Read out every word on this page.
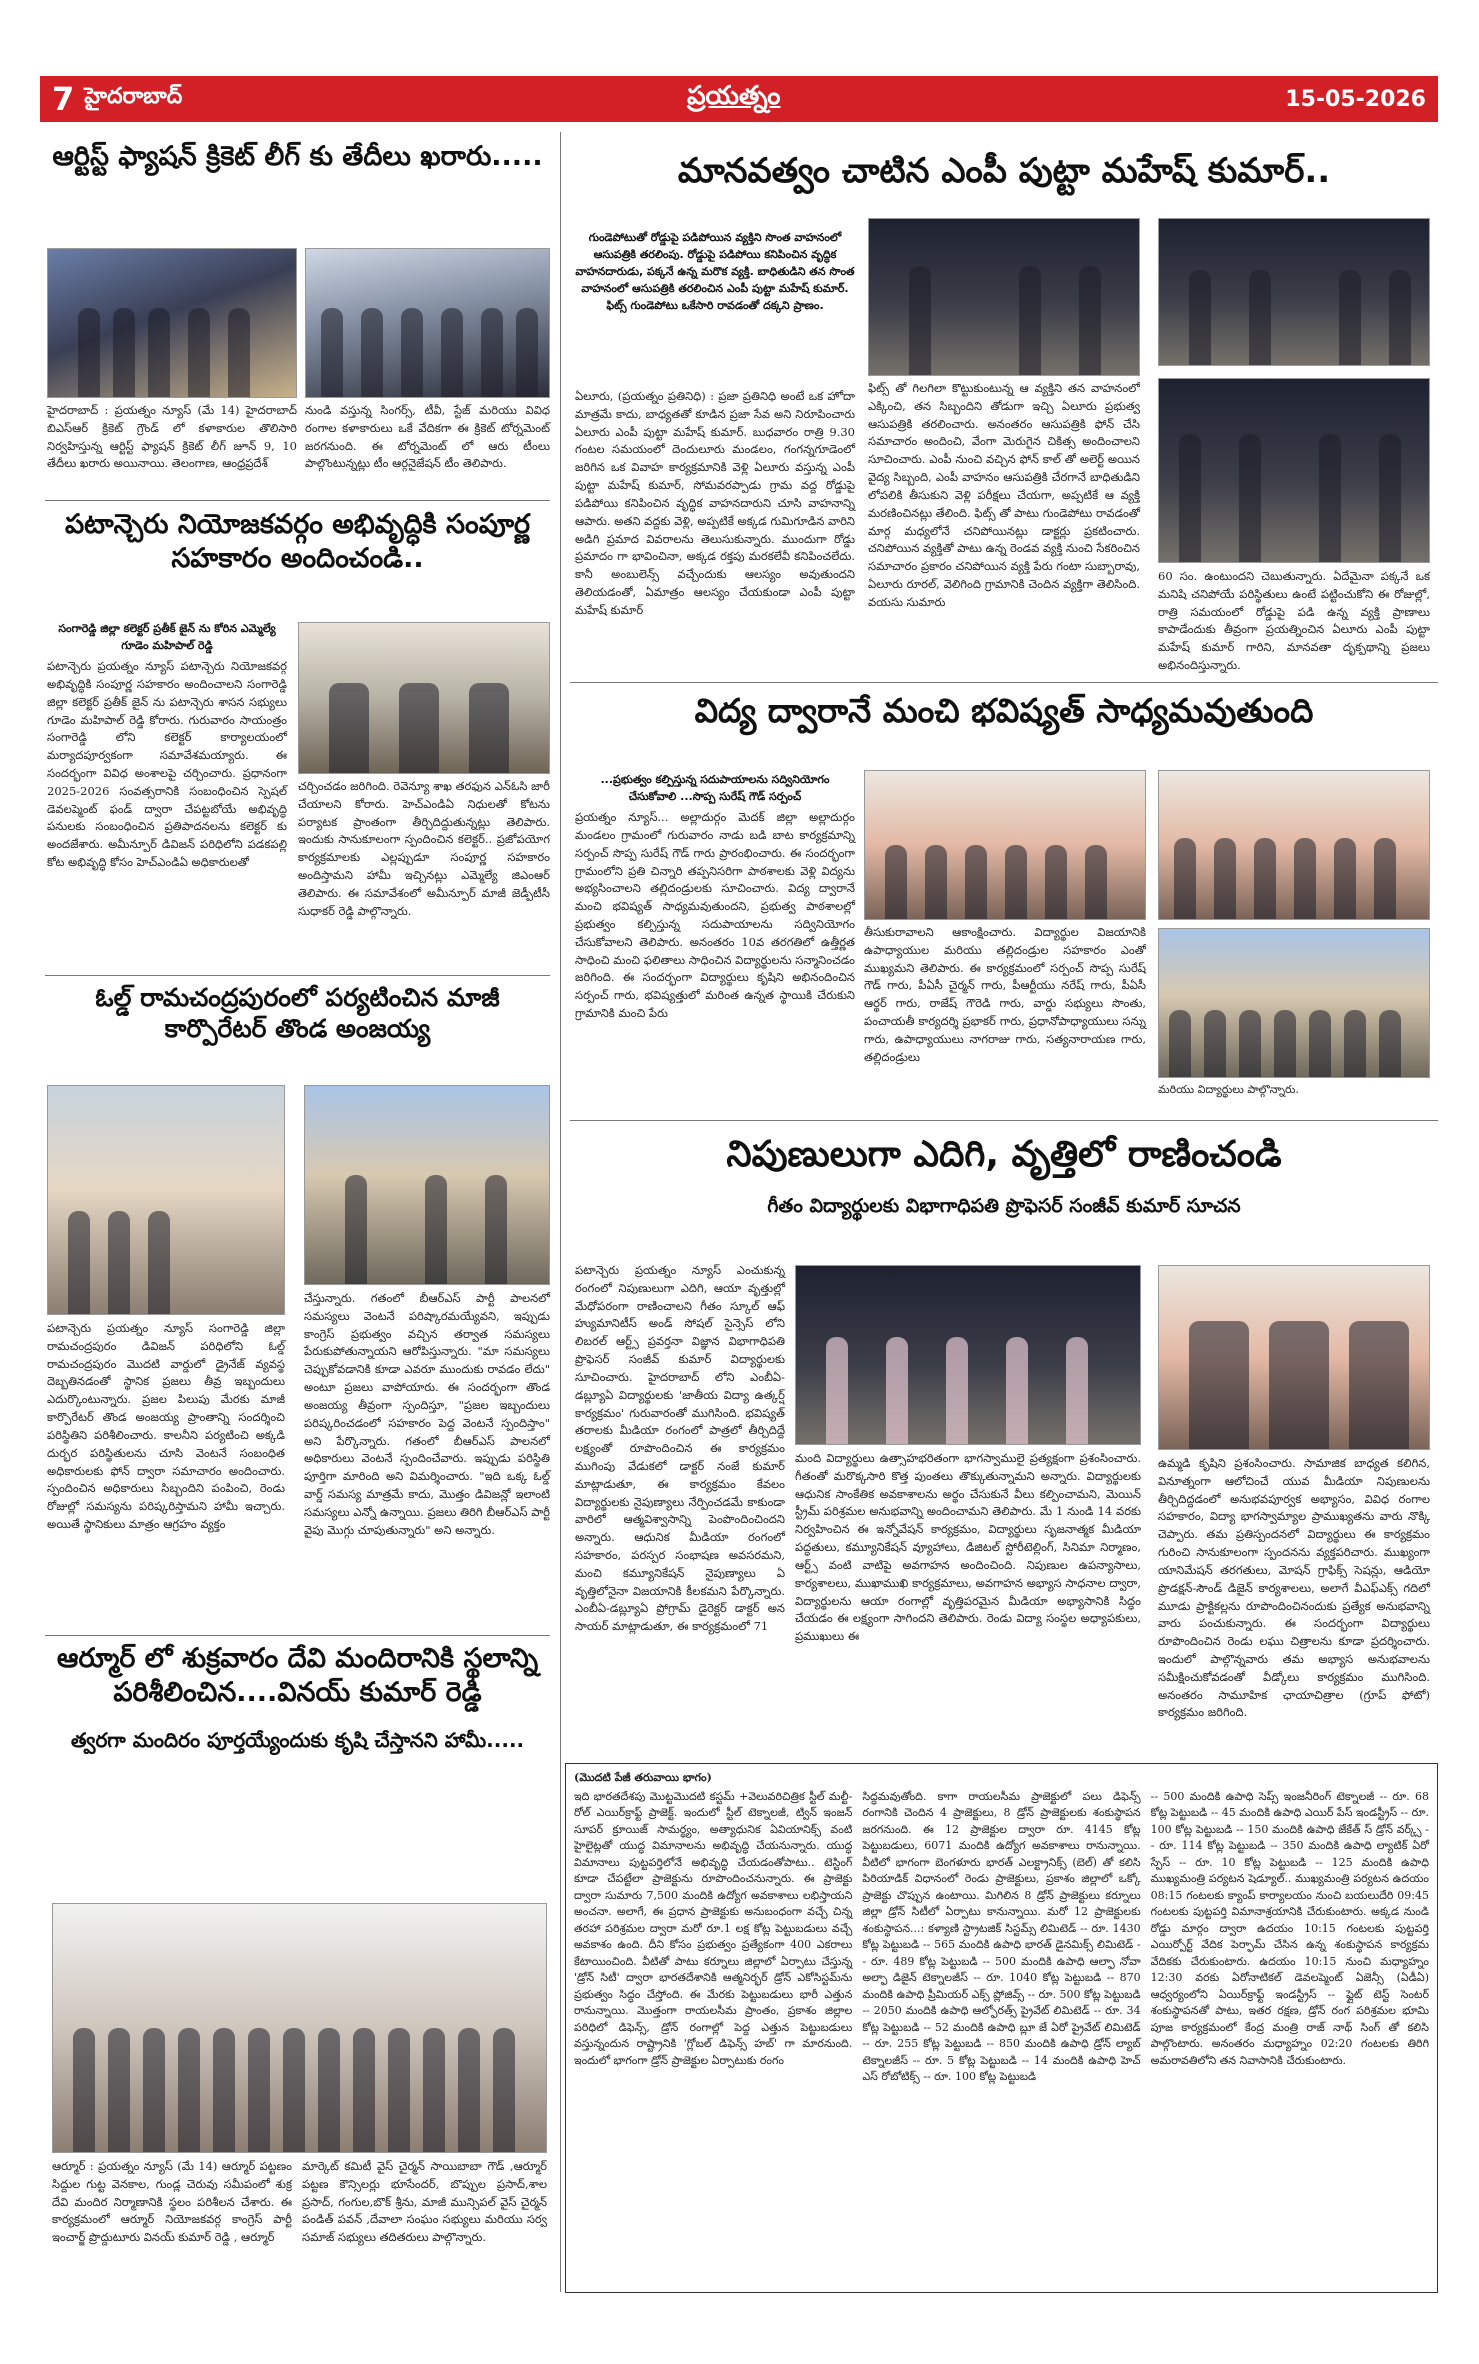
7 హైదరాబాద్	ప్రయత్నం	15-05-2026
ఆర్టిస్ట్ ఫ్యాషన్ క్రికెట్ లీగ్ కు తేదీలు ఖరారు.....

హైదరాబాద్ : ప్రయత్నం న్యూస్ (మే 14) హైదరాబాద్ బిఎస్ఆర్ క్రికెట్ గ్రౌండ్ లో కళాకారుల తొలిసారి నిర్వహిస్తున్న ఆర్టిస్ట్ ఫ్యాషన్ క్రికెట్ లీగ్ జూన్ 9, 10 తేదీలు ఖరారు అయినాయి. తెలంగాణ, ఆంధ్రప్రదేశ్

నుండి వస్తున్న సింగర్స్, టీవీ, స్టేజ్ మరియు వివిధ రంగాల కళాకారులు ఒకే వేదికగా ఈ క్రికెట్ టోర్నమెంట్ జరగనుంది. ఈ టోర్నమెంట్ లో ఆరు టీంలు పాల్గొంటున్నట్లు టీం ఆర్గనైజేషన్ టీం తెలిపారు.

పటాన్చెరు నియోజకవర్గం అభివృద్ధికి సంపూర్ణ సహకారం అందించండి..

సంగారెడ్డి జిల్లా కలెక్టర్ ప్రతీక్ జైన్ ను కోరిన ఎమ్మెల్యే గూడెం మహిపాల్ రెడ్డి

పటాన్చెరు ప్రయత్నం న్యూస్ పటాన్చెరు నియోజకవర్గ అభివృద్ధికి సంపూర్ణ సహకారం అందించాలని సంగారెడ్డి జిల్లా కలెక్టర్ ప్రతీక్ జైన్ ను పటాన్చెరు శాసన సభ్యులు గూడెం మహిపాల్ రెడ్డి కోరారు. గురువారం సాయంత్రం సంగారెడ్డి లోని కలెక్టర్ కార్యాలయంలో మర్యాదపూర్వకంగా సమావేశమయ్యారు. ఈ సందర్భంగా వివిధ అంశాలపై చర్చించారు. ప్రధానంగా 2025-2026 సంవత్సరానికి సంబంధించిన స్పెషల్ డెవలప్మెంట్ ఫండ్ ద్వారా చేపట్టబోయే అభివృద్ధి పనులకు సంబంధించిన ప్రతిపాదనలను కలెక్టర్ కు అందజేశారు. అమీన్పూర్ డివిజన్ పరిధిలోని పడకపల్లి కోట అభివృద్ధి కోసం హెచ్ఎండిఏ అధికారులతో

చర్చించడం జరిగింది. రెవెన్యూ శాఖ తరఫున ఎన్ఓసి జారీ చేయాలని కోరారు. హెచ్ఎండిఏ నిధులతో కోటను పర్యాటక ప్రాంతంగా తీర్చిదిద్దుతున్నట్లు తెలిపారు. ఇందుకు సానుకూలంగా స్పందించిన కలెక్టర్.. ప్రజోపయోగ కార్యక్రమాలకు ఎల్లప్పుడూ సంపూర్ణ సహకారం అందిస్తామని హామీ ఇచ్చినట్లు ఎమ్మెల్యే జిఎంఆర్ తెలిపారు. ఈ సమావేశంలో అమీన్పూర్ మాజీ జెడ్పీటీసీ సుధాకర్ రెడ్డి పాల్గొన్నారు.

ఓల్డ్ రామచంద్రపురంలో పర్యటించిన మాజీ కార్పొరేటర్ తొండ అంజయ్య

పటాన్చెరు ప్రయత్నం న్యూస్ సంగారెడ్డి జిల్లా రామచంద్రపురం డివిజన్ పరిధిలోని ఓల్డ్ రామచంద్రపురం మొదటి వార్డులో డ్రైనేజ్ వ్యవస్థ దెబ్బతినడంతో స్థానిక ప్రజలు తీవ్ర ఇబ్బందులు ఎదుర్కొంటున్నారు. ప్రజల పిలుపు మేరకు మాజీ కార్పొరేటర్ తొండ అంజయ్య ప్రాంతాన్ని సందర్శించి పరిస్థితిని పరిశీలించారు. కాలనీని పర్యటించి అక్కడి దుర్భర పరిస్థితులను చూసి వెంటనే సంబంధిత అధికారులకు ఫోన్ ద్వారా సమాచారం అందించారు. స్పందించిన అధికారులు సిబ్బందిని పంపించి, రెండు రోజుల్లో సమస్యను పరిష్కరిస్తామని హామీ ఇచ్చారు. అయితే స్థానికులు మాత్రం ఆగ్రహం వ్యక్తం

చేస్తున్నారు. గతంలో బీఆర్ఎస్ పార్టీ పాలనలో సమస్యలు వెంటనే పరిష్కారమయ్యేవని, ఇప్పుడు కాంగ్రెస్ ప్రభుత్వం వచ్చిన తర్వాత సమస్యలు పేరుకుపోతున్నాయని ఆరోపిస్తున్నారు. "మా సమస్యలు చెప్పుకోవడానికి కూడా ఎవరూ ముందుకు రావడం లేదు" అంటూ ప్రజలు వాపోయారు. ఈ సందర్భంగా తొండ అంజయ్య తీవ్రంగా స్పందిస్తూ, "ప్రజల ఇబ్బందులు పరిష్కరించడంలో సహకారం పెద్ద వెంటనే స్పందిస్తాం" అని పేర్కొన్నారు. గతంలో బీఆర్ఎస్ పాలనలో అధికారులు వెంటనే స్పందించేవారు. ఇప్పుడు పరిస్థితి పూర్తిగా మారింది అని విమర్శించారు. "ఇది ఒక్క ఓల్డ్ వార్డ్ సమస్య మాత్రమే కాదు, మొత్తం డివిజన్లో ఇలాంటి సమస్యలు ఎన్నో ఉన్నాయి. ప్రజలు తిరిగి బీఆర్ఎస్ పార్టీ వైపు మొగ్గు చూపుతున్నారు" అని అన్నారు.

ఆర్మూర్ లో శుక్రవారం దేవి మందిరానికి స్థలాన్ని పరిశీలించిన....వినయ్ కుమార్ రెడ్డి
త్వరగా మందిరం పూర్తయ్యేందుకు కృషి చేస్తానని హామీ.....

ఆర్మూర్ : ప్రయత్నం న్యూస్ (మే 14) ఆర్మూర్ పట్టణం సిద్దుల గుట్ట వెనకాల, గుండ్ల చెరువు సమీపంలో శుక్ర దేవి మందిర నిర్మాణానికి స్థలం పరిశీలన చేశారు. ఈ కార్యక్రమంలో ఆర్మూర్ నియోజకవర్గ కాంగ్రెస్ పార్టీ ఇంచార్జ్ ప్రొద్దుటూరు వినయ్ కుమార్ రెడ్డి , ఆర్మూర్

మార్కెట్ కమిటీ వైస్ చైర్మన్ సాయిబాబా గౌడ్ ,ఆర్మూర్ పట్టణ కౌన్సిలర్లు భూసేందర్, బొప్పుల ప్రసాద్,శాల ప్రసాద్, గంగుల,బొక్ శ్రీను, మాజీ మున్సిపల్ వైస్ చైర్మన్ పండిత్ పవన్ ,దేవాలా సంఘం సభ్యులు మరియు సర్వ సమాజ్ సభ్యులు తదితరులు పాల్గొన్నారు.

మానవత్వం చాటిన ఎంపీ పుట్టా మహేష్ కుమార్..

గుండెపోటుతో రోడ్డుపై పడిపోయిన వ్యక్తిని సొంత వాహనంలో ఆసుపత్రికి తరలింపు. రోడ్డుపై పడిపోయి కనిపించిన వృద్ధిక వాహనదారుడు, పక్కనే ఉన్న మరొక వ్యక్తి. బాధితుడిని తన సొంత వాహనంలో ఆసుపత్రికి తరలించిన ఎంపీ పుట్టా మహేష్ కుమార్. ఫిట్స్ గుండెపోటు ఒకేసారి రావడంతో దక్కని ప్రాణం.

ఏలూరు, (ప్రయత్నం ప్రతినిధి) : ప్రజా ప్రతినిధి అంటే ఒక హోదా మాత్రమే కాదు, బాధ్యతతో కూడిన ప్రజా సేవ అని నిరూపించారు ఏలూరు ఎంపీ పుట్టా మహేష్ కుమార్. బుధవారం రాత్రి 9.30 గంటల సమయంలో దెందులూరు మండలం, గంగన్నగూడెంలో జరిగిన ఒక వివాహ కార్యక్రమానికి వెళ్లి ఏలూరు వస్తున్న ఎంపీ పుట్టా మహేష్ కుమార్, సోమవరప్పాడు గ్రామ వద్ద రోడ్డుపై పడిపోయి కనిపించిన వృద్ధిక వాహనదారుని చూసి వాహనాన్ని ఆపారు. అతని వద్దకు వెళ్లి, అప్పటికే అక్కడ గుమిగూడిన వారిని అడిగి ప్రమాద వివరాలను తెలుసుకున్నారు. ముందుగా రోడ్డు ప్రమాదం గా భావించినా, అక్కడ రక్తపు మరకలేవీ కనిపించలేదు. కానీ అంబులెన్స్ వచ్చేందుకు ఆలస్యం అవుతుందని తెలియడంతో, ఏమాత్రం ఆలస్యం చేయకుండా ఎంపీ పుట్టా మహేష్ కుమార్

ఫిట్స్ తో గిలగిలా కొట్టుకుంటున్న ఆ వ్యక్తిని తన వాహనంలో ఎక్కించి, తన సిబ్బందిని తోడుగా ఇచ్చి ఏలూరు ప్రభుత్వ ఆసుపత్రికి తరలించారు. అనంతరం ఆసుపత్రికి ఫోన్ చేసి సమాచారం అందించి, వేంగా మెరుగైన చికిత్స అందించాలని సూచించారు. ఎంపీ నుంచి వచ్చిన ఫోన్ కాల్ తో అలెర్ట్ అయిన వైద్య సిబ్బంది, ఎంపీ వాహనం ఆసుపత్రికి చేరగానే బాధితుడిని లోపలికి తీసుకుని వెళ్లి పరీక్షలు చేయగా, అప్పటికే ఆ వ్యక్తి మరణించినట్లు తేలింది. ఫిట్స్ తో పాటు గుండెపోటు రావడంతో మార్గ మధ్యలోనే చనిపోయినట్లు డాక్టర్లు ప్రకటించారు. చనిపోయిన వ్యక్తితో పాటు ఉన్న రెండవ వ్యక్తి నుంచి సేకరించిన సమాచారం ప్రకారం చనిపోయిన వ్యక్తి పేరు గంటా సుబ్బారావు, ఏలూరు రూరల్, వెలిగింది గ్రామానికి చెందిన వ్యక్తిగా తెలిసింది. వయసు సుమారు

60 సం. ఉంటుందని చెబుతున్నారు. ఏదేమైనా పక్కనే ఒక మనిషి చనిపోయే పరిస్థితులు ఉంటే పట్టించుకోని ఈ రోజుల్లో, రాత్రి సమయంలో రోడ్డుపై పడి ఉన్న వ్యక్తి ప్రాణాలు కాపాడేందుకు తీవ్రంగా ప్రయత్నించిన ఏలూరు ఎంపీ పుట్టా మహేష్ కుమార్ గారిని, మానవతా దృక్పథాన్ని ప్రజలు అభినందిస్తున్నారు.

విద్య ద్వారానే మంచి భవిష్యత్ సాధ్యమవుతుంది

...ప్రభుత్వం కల్పిస్తున్న సదుపాయాలను సద్వినియోగం చేసుకోవాలి ...సొప్ప సురేష్ గౌడ్ సర్పంచ్

ప్రయత్నం న్యూస్... అల్లాదుర్గం మెదక్ జిల్లా అల్లాదుర్గం మండలం గ్రామంలో గురువారం నాడు బడి బాట కార్యక్రమాన్ని సర్పంచ్ సొప్ప సురేష్ గౌడ్ గారు ప్రారంభించారు. ఈ సందర్భంగా గ్రామంలోని ప్రతి చిన్నారి తప్పనిసరిగా పాఠశాలకు వెళ్లి విద్యను అభ్యసించాలని తల్లిదండ్రులకు సూచించారు. విద్య ద్వారానే మంచి భవిష్యత్ సాధ్యమవుతుందని, ప్రభుత్వ పాఠశాలల్లో ప్రభుత్వం కల్పిస్తున్న సదుపాయాలను సద్వినియోగం చేసుకోవాలని తెలిపారు. అనంతరం 10వ తరగతిలో ఉత్తీర్ణత సాధించి మంచి ఫలితాలు సాధించిన విద్యార్థులను సన్మానించడం జరిగింది. ఈ సందర్భంగా విద్యార్థులు కృషిని అభినందించిన సర్పంచ్ గారు, భవిష్యత్తులో మరింత ఉన్నత స్థాయికి చేరుకుని గ్రామానికి మంచి పేరు

తీసుకురావాలని ఆకాంక్షించారు. విద్యార్థుల విజయానికి ఉపాధ్యాయుల మరియు తల్లిదండ్రుల సహకారం ఎంతో ముఖ్యమని తెలిపారు. ఈ కార్యక్రమంలో సర్పంచ్ సొప్ప సురేష్ గౌడ్ గారు, పీఏసీ చైర్మన్ గారు, పీఆర్టీయు నరేష్ గారు, పీఏసీ ఆర్థర్ గారు, రాజేష్ గౌరెడి గారు, వార్డు సభ్యులు సొంతు, పంచాయతీ కార్యదర్శి ప్రభాకర్ గారు, ప్రధానోపాధ్యాయులు సన్ను గారు, ఉపాధ్యాయులు నాగరాజు గారు, సత్యనారాయణ గారు, తల్లిదండ్రులు

మరియు విద్యార్థులు పాల్గొన్నారు.

నిపుణులుగా ఎదిగి, వృత్తిలో రాణించండి
గీతం విద్యార్థులకు విభాగాధిపతి ప్రొఫెసర్ సంజీవ్ కుమార్ సూచన

పటాన్చెరు ప్రయత్నం న్యూస్ ఎంచుకున్న రంగంలో నిపుణులుగా ఎదిగి, ఆయా వృత్తుల్లో మేధోపరంగా రాణించాలని గీతం స్కూల్ ఆఫ్ హ్యుమానిటీస్ అండ్ సోషల్ సైన్సెస్ లోని లిబరల్ ఆర్ట్స్ ప్రవర్తనా విజ్ఞాన విభాగాధిపతి ప్రొఫెసర్ సంజీవ్ కుమార్ విద్యార్థులకు సూచించారు. హైదరాబాద్ లోని ఎంబీఏ-డబ్ల్యూఏ విద్యార్థులకు 'జాతీయ విద్యా ఉత్కర్ష్ కార్యక్రమం' గురువారంతో ముగిసింది. భవిష్యత్ తరాలకు మీడియా రంగంలో పాత్రలో తీర్చిదిద్దే లక్ష్యంతో రూపొందించిన ఈ కార్యక్రమం ముగింపు వేడుకలో డాక్టర్ నంజే కుమార్ మాట్లాడుతూ, ఈ కార్యక్రమం కేవలం విద్యార్థులకు నైపుణ్యాలు నేర్పించడమే కాకుండా వారిలో ఆత్మవిశ్వాసాన్ని పెంపొందించిందని అన్నారు. ఆధునిక మీడియా రంగంలో సహకారం, పరస్పర సంభాషణ అవసరమని, మంచి కమ్యూనికేషన్ నైపుణ్యాలు ఏ వృత్తిలోనైనా విజయానికి కీలకమని పేర్కొన్నారు. ఎంబీఏ-డబ్ల్యూఏ ప్రోగ్రామ్ డైరెక్టర్ డాక్టర్ అన సాయర్ మాట్లాడుతూ, ఈ కార్యక్రమంలో 71

మంది విద్యార్థులు ఉత్సాహభరితంగా భాగస్వాములై ప్రత్యక్షంగా ప్రశంసించారు. గీతంతో మరొక్కసారి కొత్త పుంతలు తొక్కుతున్నామని అన్నారు. విద్యార్థులకు ఆధునిక సాంకేతిక అవకాశాలను అర్థం చేసుకునే వీలు కల్పించామని, మెయిన్ స్ట్రీమ్ పరిశ్రమల అనుభవాన్ని అందించామని తెలిపారు. మే 1 నుండి 14 వరకు నిర్వహించిన ఈ ఇన్నోవేషన్ కార్యక్రమం, విద్యార్థులు సృజనాత్మక మీడియా పద్ధతులు, కమ్యూనికేషన్ వ్యూహాలు, డిజిటల్ స్టోరీటెల్లింగ్, సినిమా నిర్మాణం, ఆర్ట్స్ వంటి వాటిపై అవగాహన అందించింది. నిపుణుల ఉపన్యాసాలు, కార్యశాలలు, ముఖాముఖి కార్యక్రమాలు, అవగాహన అభ్యాస సాధనాల ద్వారా, విద్యార్థులను ఆయా రంగాల్లో వృత్తిపరమైన మీడియా అభ్యాసానికి సిద్ధం చేయడం ఈ లక్ష్యంగా సాగిందని తెలిపారు. రెండు విద్యా సంస్థల అధ్యాపకులు, ప్రముఖులు ఈ

ఉమ్మడి కృషిని ప్రశంసించారు. సామాజిక బాధ్యత కలిగిన, వినూత్నంగా ఆలోచించే యువ మీడియా నిపుణులను తీర్చిదిద్దడంలో అనుభవపూర్వక అభ్యాసం, వివిధ రంగాల సహకారం, విద్యా భాగస్వామ్యాల ప్రాముఖ్యతను వారు నొక్కి చెప్పారు. తమ ప్రతిస్పందనలో విద్యార్థులు ఈ కార్యక్రమం గురించి సానుకూలంగా స్పందనను వ్యక్తపరిచారు. ముఖ్యంగా యానిమేషన్ తరగతులు, మోషన్ గ్రాఫిక్స్ సెషన్లు, ఆడియో ప్రొడక్షన్-సౌండ్ డిజైన్ కార్యశాలలు, అలాగే వీఎఫ్ఎక్స్ గదిలో మూడు ప్రాక్టికల్లను రూపొందించినందుకు ప్రత్యేక అనుభవాన్ని వారు పంచుకున్నారు. ఈ సందర్భంగా విద్యార్థులు రూపొందించిన రెండు లఘు చిత్రాలను కూడా ప్రదర్శించారు. ఇందులో పాల్గొన్నవారు తమ అభ్యాస అనుభవాలను సమీక్షించుకోవడంతో వీడ్కోలు కార్యక్రమం ముగిసింది. అనంతరం సామూహిక ఛాయాచిత్రాల (గ్రూప్ ఫోటో) కార్యక్రమం జరిగింది.

(మొదటి పేజీ తరువాయి భాగం)

ఇది భారతదేశపు మొట్టమొదటి కస్టమ్ +వెలువరిచిత్రిక స్టీల్ మల్టీ-రోల్ ఎయిర్‌క్రాఫ్ట్ ప్రాజెక్ట్. ఇందులో స్టీల్ టెక్నాలజీ, ట్విన్ ఇంజన్ సూపర్ క్రూయిజ్ సామర్థ్యం, అత్యాధునిక ఏవియానిక్స్ వంటి హైలైట్లతో యుద్ధ విమానాలను అభివృద్ధి చేయనున్నారు. యుద్ధ విమానాలు పుట్టపర్తిలోనే అభివృద్ధి చేయడంతోపాటు.. టెస్టింగ్ కూడా చేపట్టేలా ప్రాజెక్టును రూపొందించనున్నారు. ఈ ప్రాజెక్టు ద్వారా సుమారు 7,500 మందికి ఉద్యోగ అవకాశాలు లభిస్తాయని అంచనా. అలాగే, ఈ ప్రధాన ప్రాజెక్టుకు అనుబంధంగా వచ్చే చిన్న తరహా పరిశ్రమల ద్వారా మరో రూ.1 లక్ష కోట్ల పెట్టుబడులు వచ్చే అవకాశం ఉంది. దీని కోసం ప్రభుత్వం ప్రత్యేకంగా 400 ఎకరాలు కేటాయించింది. వీటితో పాటు కర్నూలు జిల్లాలో ఏర్పాటు చేస్తున్న 'డ్రోన్ సిటీ' ద్వారా భారతదేశానికి ఆత్మనిర్భర్ డ్రోన్ ఎకోసిస్టమ్‌ను ప్రభుత్వం సిద్ధం చేస్తోంది. ఈ మేరకు పెట్టుబడులు భారీ ఎత్తున రానున్నాయి. మొత్తంగా రాయలసీమ ప్రాంతం, ప్రకాశం జిల్లాల పరిధిలో డిఫెన్స్, డ్రోన్ రంగాల్లో పెద్ద ఎత్తున పెట్టుబడులు వస్తున్నందున రాష్ట్రానికి 'గ్లోబల్ డిఫెన్స్ హబ్' గా మారనుంది. ఇందులో భాగంగా డ్రోన్ ప్రాజెక్టుల ఏర్పాటుకు రంగం

సిద్ధమవుతోంది. కాగా రాయలసీమ ప్రాజెక్టులో పలు డిఫెన్స్ రంగానికి చెందిన 4 ప్రాజెక్టులు, 8 డ్రోన్ ప్రాజెక్టులకు శంకుస్థాపన జరగనుంది. ఈ 12 ప్రాజెక్టుల ద్వారా రూ. 4145 కోట్ల పెట్టుబడులు, 6071 మందికి ఉద్యోగ అవకాశాలు రానున్నాయి. వీటిలో భాగంగా బెంగళూరు భారత్ ఎలక్ట్రానిక్స్ (బెల్) తో కలిసి పిరియాడిక్ విధానంలో రెండు ప్రాజెక్టులు, ప్రకాశం జిల్లాలో ఒక్కో ప్రాజెక్టు చొప్పున ఉంటాయి. మిగిలిన 8 డ్రోన్ ప్రాజెక్టులు కర్నూలు జిల్లా డ్రోన్ సిటీలో ఏర్పాటు కానున్నాయి. మరో 12 ప్రాజెక్టులకు శంకుస్థాపన...: కళ్యాణి స్ట్రాటజిక్ సిస్టమ్స్ లిమిటెడ్ -- రూ. 1430 కోట్ల పెట్టుబడి -- 565 మందికి ఉపాధి భారత్ డైనమిక్స్ లిమిటెడ్ -- రూ. 489 కోట్ల పెట్టుబడి -- 500 మందికి ఉపాధి ఆల్ఫా నోవా అల్ఫా డిజైన్ టెక్నాలజీస్ -- రూ. 1040 కోట్ల పెట్టుబడి -- 870 మందికి ఉపాధి ప్రీమియర్ ఎక్స్ ప్లోజివ్స్ -- రూ. 500 కోట్ల పెట్టుబడి -- 2050 మందికి ఉపాధి ఆల్ఫోరత్స్ ప్రైవేట్ లిమిటెడ్ -- రూ. 34 కోట్ల పెట్టుబడి -- 52 మందికి ఉపాధి బ్లూ జే ఏరో ప్రైవేట్ లిమిటెడ్ -- రూ. 255 కోట్ల పెట్టుబడి -- 850 మందికి ఉపాధి డ్రోన్ ల్యాబ్ టెక్నాలజీస్ -- రూ. 5 కోట్ల పెట్టుబడి -- 14 మందికి ఉపాధి హెచ్ ఎస్ రోబోటిక్స్ -- రూ. 100 కోట్ల పెట్టుబడి

-- 500 మందికి ఉపాధి సెప్స్ ఇంజనీరింగ్ టెక్నాలజీ -- రూ. 68 కోట్ల పెట్టుబడి -- 45 మందికి ఉపాధి ఎయిర్ పేస్ ఇండస్ట్రీస్ -- రూ. 100 కోట్ల పెట్టుబడి -- 150 మందికి ఉపాధి జేకేత్ స్ డ్రోన్ వర్క్స్ -- రూ. 114 కోట్ల పెట్టుబడి -- 350 మందికి ఉపాధి ల్యాటిక్ ఏరో స్పేస్ -- రూ. 10 కోట్ల పెట్టుబడి -- 125 మందికి ఉపాధి ముఖ్యమంత్రి పర్యటన షెడ్యూల్.. ముఖ్యమంత్రి పర్యటన ఉదయం 08:15 గంటలకు క్యాంప్ కార్యాలయం నుంచి బయలుదేరి 09:45 గంటలకు పుట్టపర్తి విమానాశ్రయానికి చేరుకుంటారు. అక్కడ నుండి రోడ్డు మార్గం ద్వారా ఉదయం 10:15 గంటలకు పుట్టపర్తి ఎయిర్పోర్ట్ వేదిక పెర్ఫామ్ చేసిన ఉన్న శంకుస్థాపన కార్యక్రమ వేదికకు చేరుకుంటారు. ఉదయం 10:15 నుంచి మధ్యాహ్నం 12:30 వరకు ఏరోనాటికల్ డెవలప్మెంట్ ఏజెన్సీ (ఏడీఏ) ఆధ్వర్యంలోని ఏయిర్‌క్రాఫ్ట్ ఇండస్ట్రీస్ -- ఫ్లైట్ టెస్ట్ సెంటర్ శంకుస్థాపనతో పాటు, ఇతర రక్షణ, డ్రోన్ రంగ పరిశ్రమల భూమి పూజ కార్యక్రమంలో కేంద్ర మంత్రి రాజ్ నాథ్ సింగ్ తో కలిసి పాల్గొంటారు. అనంతరం మధ్యాహ్నం 02:20 గంటలకు తిరిగి అమరావతిలోని తన నివాసానికి చేరుకుంటారు.
